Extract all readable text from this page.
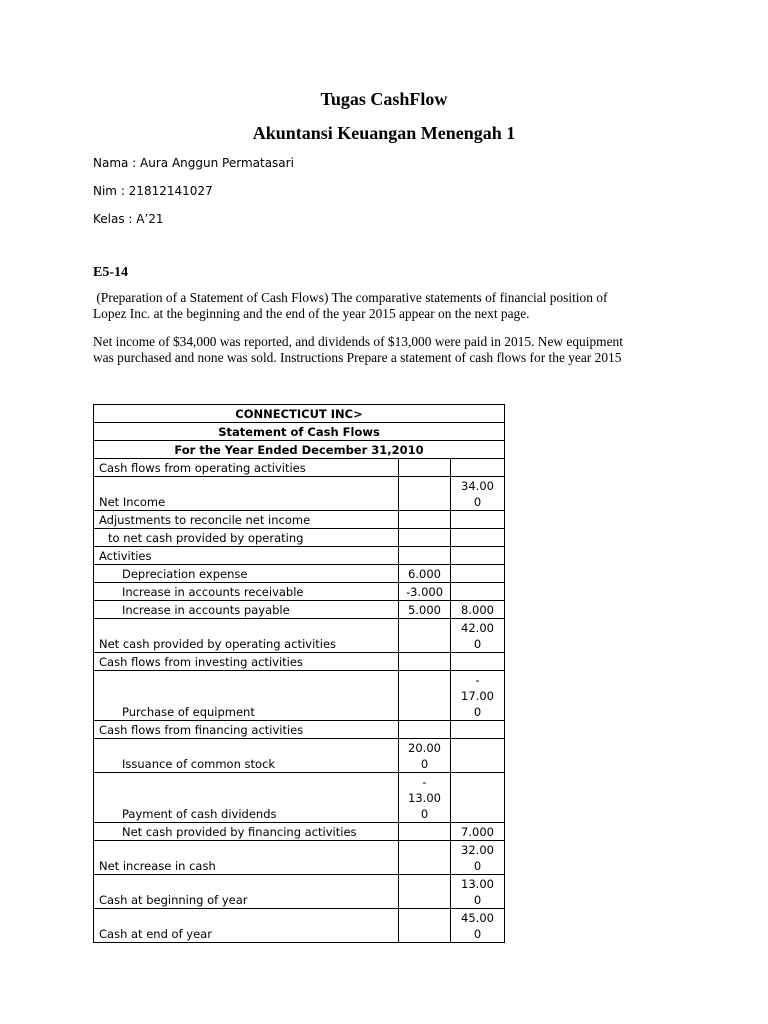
Tugas CashFlow
Akuntansi Keuangan Menengah 1
Nama : Aura Anggun Permatasari
Nim : 21812141027
Kelas : A’21
E5-14
(Preparation of a Statement of Cash Flows) The comparative statements of financial position of
Lopez Inc. at the beginning and the end of the year 2015 appear on the next page.
Net income of $34,000 was reported, and dividends of $13,000 were paid in 2015. New equipment
was purchased and none was sold. Instructions Prepare a statement of cash flows for the year 2015
CONNECTICUT INC>		
Statement of Cash Flows		
For the Year Ended December 31,2010		
Cash flows from operating activities		
Net Income		34.00
0

Adjustments to reconcile net income		
to net cash provided by operating		
Activities		
Depreciation expense	6.000	

Increase in accounts receivable	-3.000	

Increase in accounts payable	5.000	8.000

Net cash provided by operating activities		42.00
0

Cash flows from investing activities		
Purchase of equipment		-
17.00
0

Cash flows from financing activities		
Issuance of common stock	20.00
0	

Payment of cash dividends	-
13.00
0	

Net cash provided by financing activities		7.000

Net increase in cash		32.00
0

Cash at beginning of year		13.00
0

Cash at end of year		45.00
0
